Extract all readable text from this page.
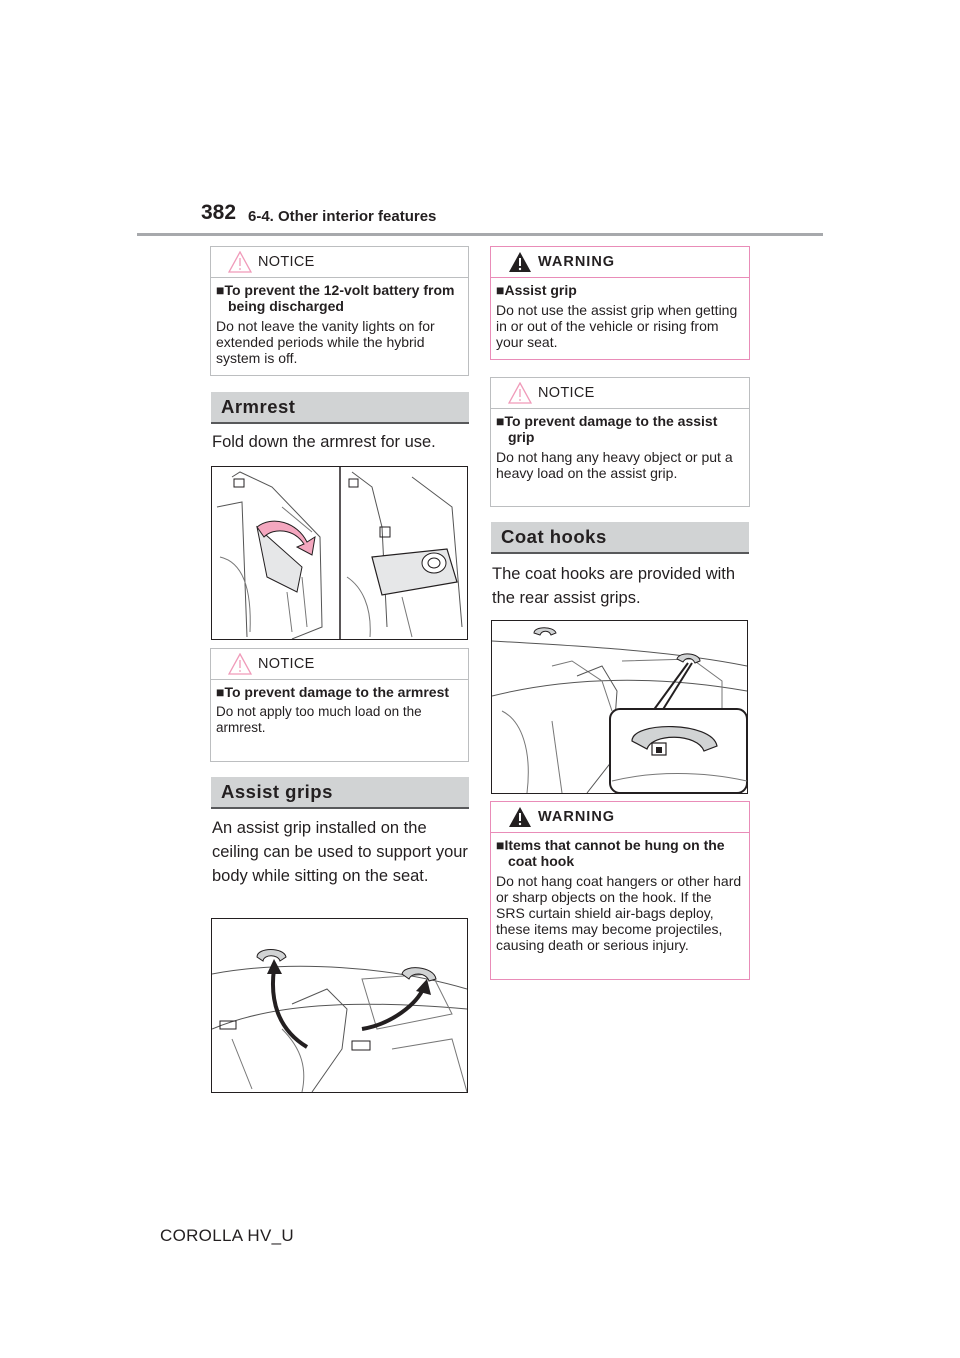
382 6-4. Other interior features
NOTICE
■To prevent the 12-volt battery from being discharged
Do not leave the vanity lights on for extended periods while the hybrid system is off.
Armrest
Fold down the armrest for use.
NOTICE
■To prevent damage to the armrest
Do not apply too much load on the armrest.
Assist grips
An assist grip installed on the ceiling can be used to support your body while sitting on the seat.
WARNING
■Assist grip
Do not use the assist grip when getting in or out of the vehicle or rising from your seat.
NOTICE
■To prevent damage to the assist grip
Do not hang any heavy object or put a heavy load on the assist grip.
Coat hooks
The coat hooks are provided with the rear assist grips.
WARNING
■Items that cannot be hung on the coat hook
Do not hang coat hangers or other hard or sharp objects on the hook. If the SRS curtain shield air-bags deploy, these items may become projectiles, causing death or serious injury.
COROLLA HV_U
